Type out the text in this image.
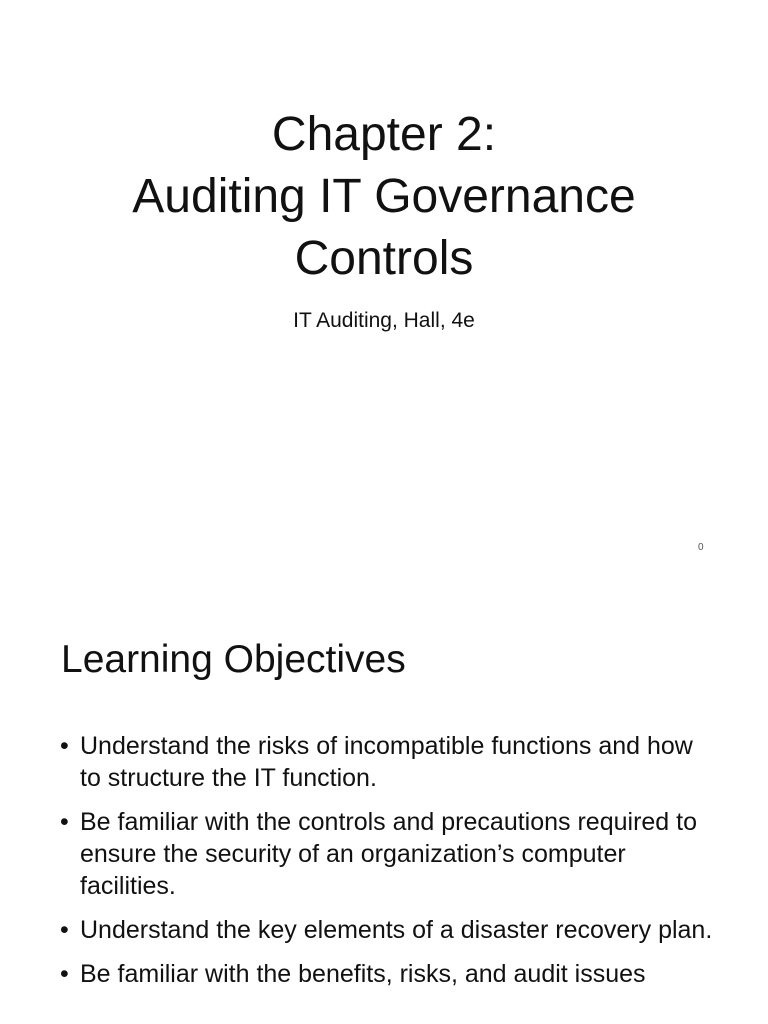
Chapter 2:
Auditing IT Governance
Controls

IT Auditing, Hall, 4e

0
Learning Objectives
• Understand the risks of incompatible functions and how to structure the IT function.
• Be familiar with the controls and precautions required to ensure the security of an organization’s computer facilities.
• Understand the key elements of a disaster recovery plan.
• Be familiar with the benefits, risks, and audit issues
